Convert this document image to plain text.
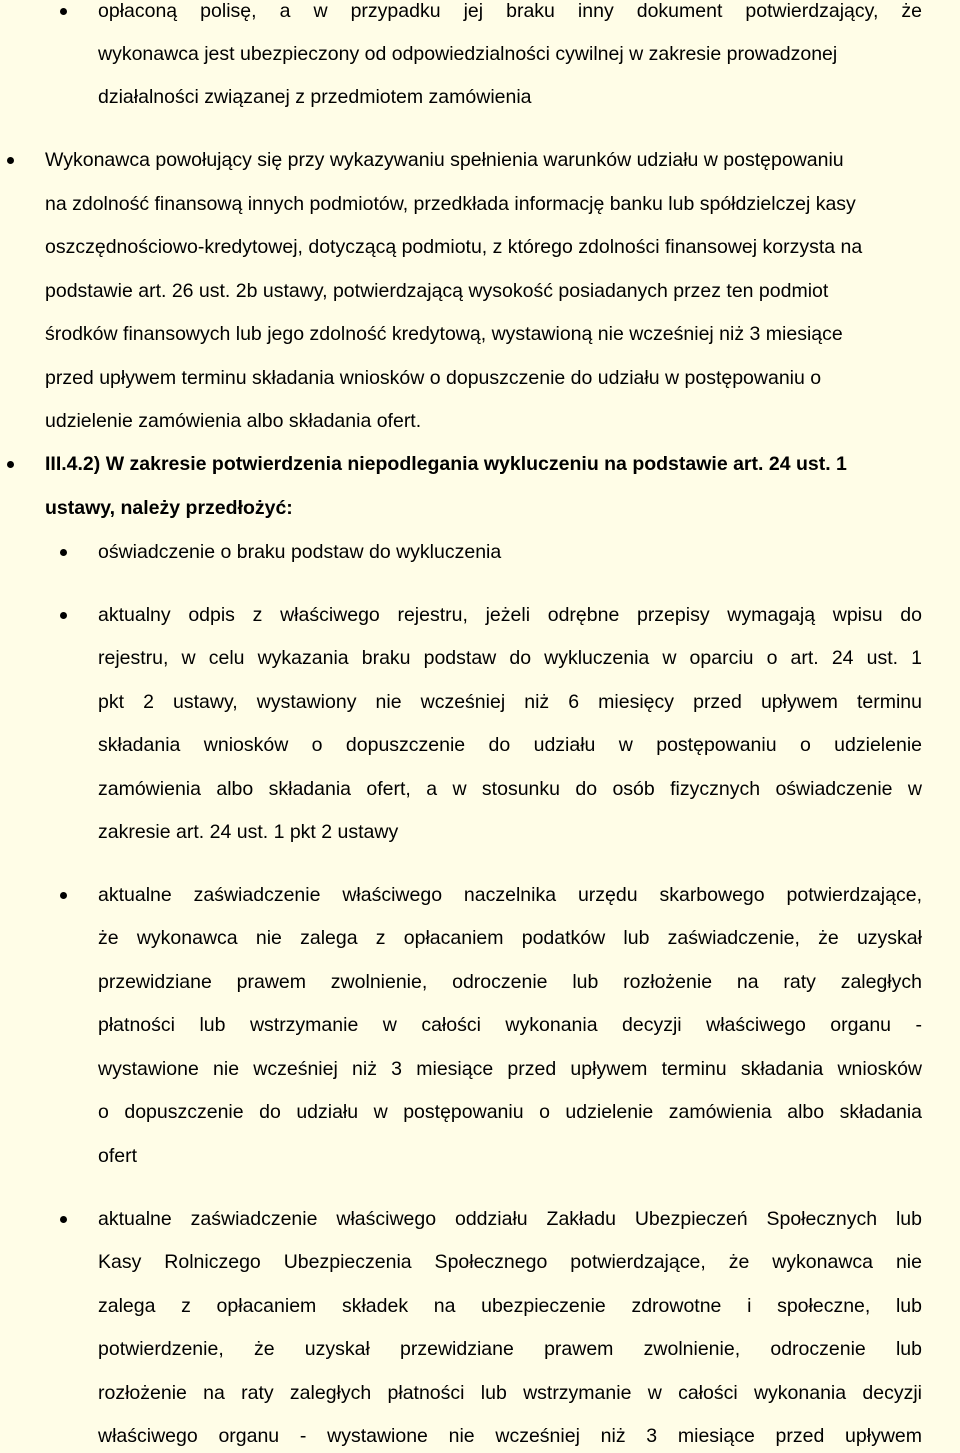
opłaconą polisę, a w przypadku jej braku inny dokument potwierdzający, że
wykonawca jest ubezpieczony od odpowiedzialności cywilnej w zakresie prowadzonej
działalności związanej z przedmiotem zamówienia
Wykonawca powołujący się przy wykazywaniu spełnienia warunków udziału w postępowaniu
na zdolność finansową innych podmiotów, przedkłada informację banku lub spółdzielczej kasy
oszczędnościowo-kredytowej, dotyczącą podmiotu, z którego zdolności finansowej korzysta na
podstawie art. 26 ust. 2b ustawy, potwierdzającą wysokość posiadanych przez ten podmiot
środków finansowych lub jego zdolność kredytową, wystawioną nie wcześniej niż 3 miesiące
przed upływem terminu składania wniosków o dopuszczenie do udziału w postępowaniu o
udzielenie zamówienia albo składania ofert.
III.4.2) W zakresie potwierdzenia niepodlegania wykluczeniu na podstawie art. 24 ust. 1
ustawy, należy przedłożyć:
oświadczenie o braku podstaw do wykluczenia
aktualny odpis z właściwego rejestru, jeżeli odrębne przepisy wymagają wpisu do
rejestru, w celu wykazania braku podstaw do wykluczenia w oparciu o art. 24 ust. 1
pkt 2 ustawy, wystawiony nie wcześniej niż 6 miesięcy przed upływem terminu
składania wniosków o dopuszczenie do udziału w postępowaniu o udzielenie
zamówienia albo składania ofert, a w stosunku do osób fizycznych oświadczenie w
zakresie art. 24 ust. 1 pkt 2 ustawy
aktualne zaświadczenie właściwego naczelnika urzędu skarbowego potwierdzające,
że wykonawca nie zalega z opłacaniem podatków lub zaświadczenie, że uzyskał
przewidziane prawem zwolnienie, odroczenie lub rozłożenie na raty zaległych
płatności lub wstrzymanie w całości wykonania decyzji właściwego organu -
wystawione nie wcześniej niż 3 miesiące przed upływem terminu składania wniosków
o dopuszczenie do udziału w postępowaniu o udzielenie zamówienia albo składania
ofert
aktualne zaświadczenie właściwego oddziału Zakładu Ubezpieczeń Społecznych lub
Kasy Rolniczego Ubezpieczenia Społecznego potwierdzające, że wykonawca nie
zalega z opłacaniem składek na ubezpieczenie zdrowotne i społeczne, lub
potwierdzenie, że uzyskał przewidziane prawem zwolnienie, odroczenie lub
rozłożenie na raty zaległych płatności lub wstrzymanie w całości wykonania decyzji
właściwego organu - wystawione nie wcześniej niż 3 miesiące przed upływem
